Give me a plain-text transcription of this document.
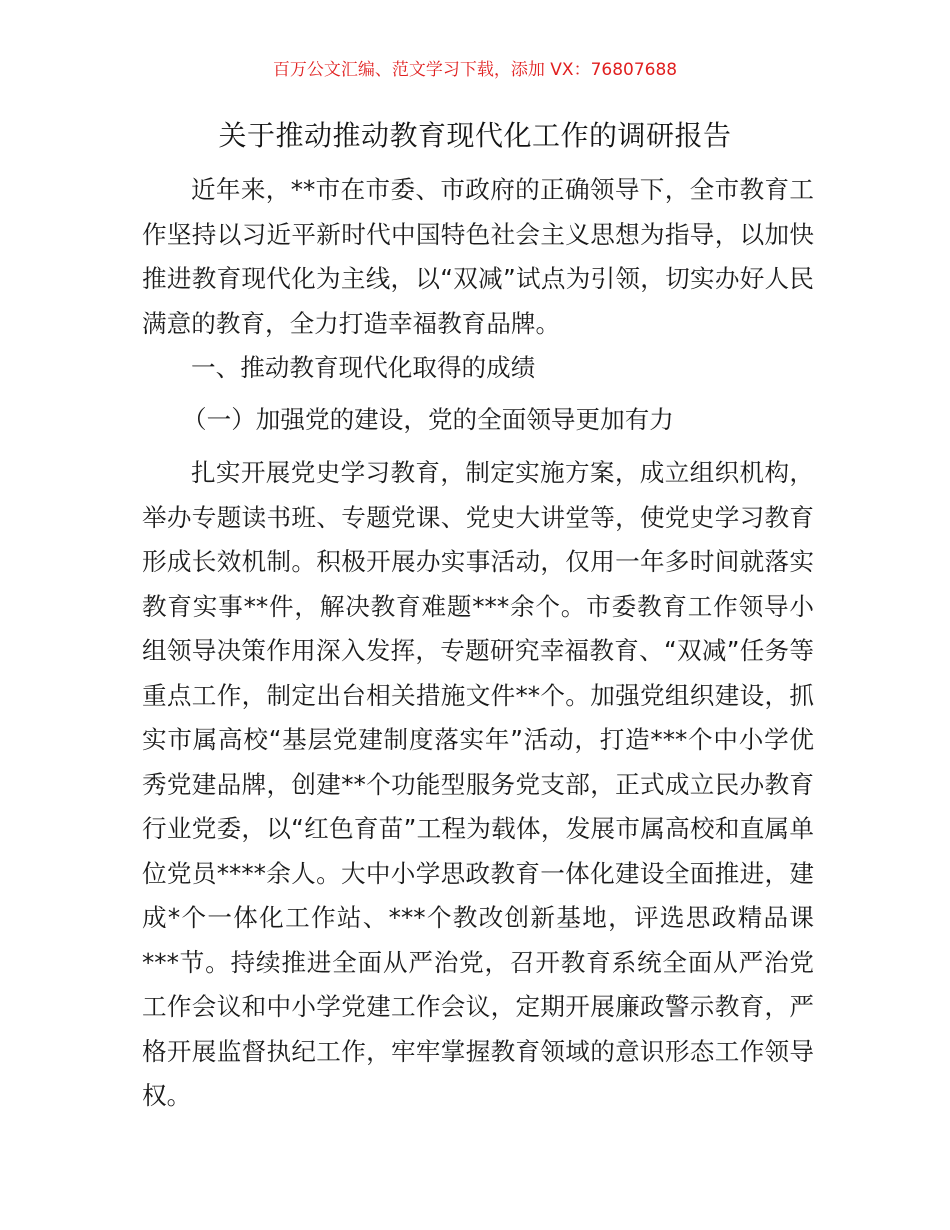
百万公文汇编、范文学习下载，添加 VX：76807688
关于推动推动教育现代化工作的调研报告

近年来，**市在市委、市政府的正确领导下，全市教育工作坚持以习近平新时代中国特色社会主义思想为指导，以加快推进教育现代化为主线，以“双减”试点为引领，切实办好人民满意的教育，全力打造幸福教育品牌。

一、推动教育现代化取得的成绩

（一）加强党的建设，党的全面领导更加有力

扎实开展党史学习教育，制定实施方案，成立组织机构，举办专题读书班、专题党课、党史大讲堂等，使党史学习教育形成长效机制。积极开展办实事活动，仅用一年多时间就落实教育实事**件，解决教育难题***余个。市委教育工作领导小组领导决策作用深入发挥，专题研究幸福教育、“双减”任务等重点工作，制定出台相关措施文件**个。加强党组织建设，抓实市属高校“基层党建制度落实年”活动，打造***个中小学优秀党建品牌，创建**个功能型服务党支部，正式成立民办教育行业党委，以“红色育苗”工程为载体，发展市属高校和直属单位党员****余人。大中小学思政教育一体化建设全面推进，建成*个一体化工作站、***个教改创新基地，评选思政精品课***节。持续推进全面从严治党，召开教育系统全面从严治党工作会议和中小学党建工作会议，定期开展廉政警示教育，严格开展监督执纪工作，牢牢掌握教育领域的意识形态工作领导权。
